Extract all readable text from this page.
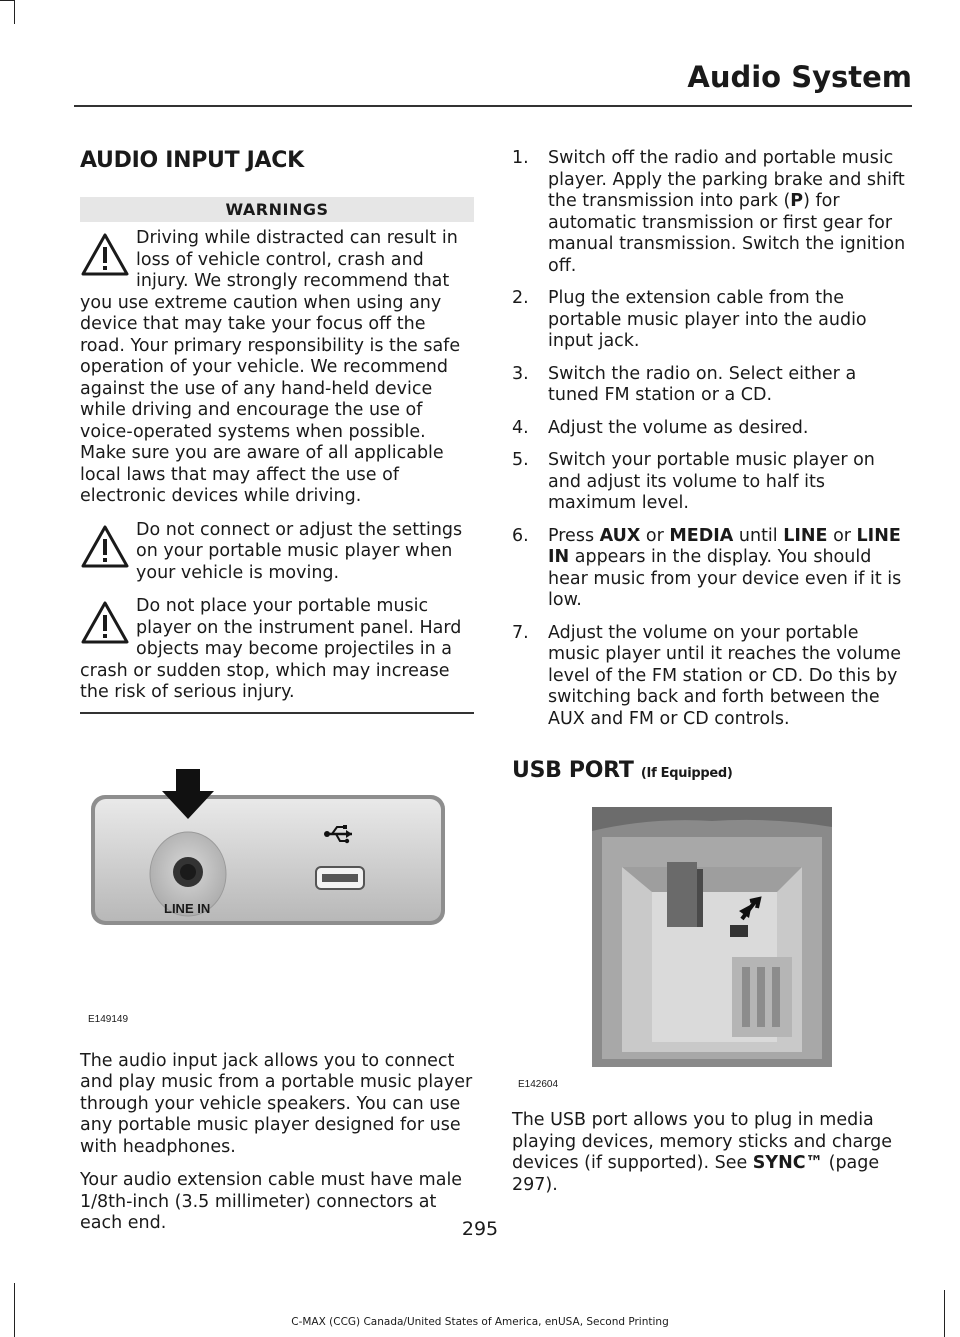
Audio System
AUDIO INPUT JACK
WARNINGS
Driving while distracted can result in loss of vehicle control, crash and injury. We strongly recommend that you use extreme caution when using any device that may take your focus off the road. Your primary responsibility is the safe operation of your vehicle. We recommend against the use of any hand-held device while driving and encourage the use of voice-operated systems when possible. Make sure you are aware of all applicable local laws that may affect the use of electronic devices while driving.
Do not connect or adjust the settings on your portable music player when your vehicle is moving.
Do not place your portable music player on the instrument panel. Hard objects may become projectiles in a crash or sudden stop, which may increase the risk of serious injury.
LINE IN
E149149

The audio input jack allows you to connect and play music from a portable music player through your vehicle speakers. You can use any portable music player designed for use with headphones.

Your audio extension cable must have male 1/8th-inch (3.5 millimeter) connectors at each end.

1. Switch off the radio and portable music player. Apply the parking brake and shift the transmission into park (P) for automatic transmission or first gear for manual transmission. Switch the ignition off.
2. Plug the extension cable from the portable music player into the audio input jack.
3. Switch the radio on. Select either a tuned FM station or a CD.
4. Adjust the volume as desired.
5. Switch your portable music player on and adjust its volume to half its maximum level.
6. Press AUX or MEDIA until LINE or LINE IN appears in the display. You should hear music from your device even if it is low.
7. Adjust the volume on your portable music player until it reaches the volume level of the FM station or CD. Do this by switching back and forth between the AUX and FM or CD controls.
USB PORT (If Equipped)
E142604

The USB port allows you to plug in media playing devices, memory sticks and charge devices (if supported). See SYNC™ (page 297).

295
C-MAX (CCG) Canada/United States of America, enUSA, Second Printing
